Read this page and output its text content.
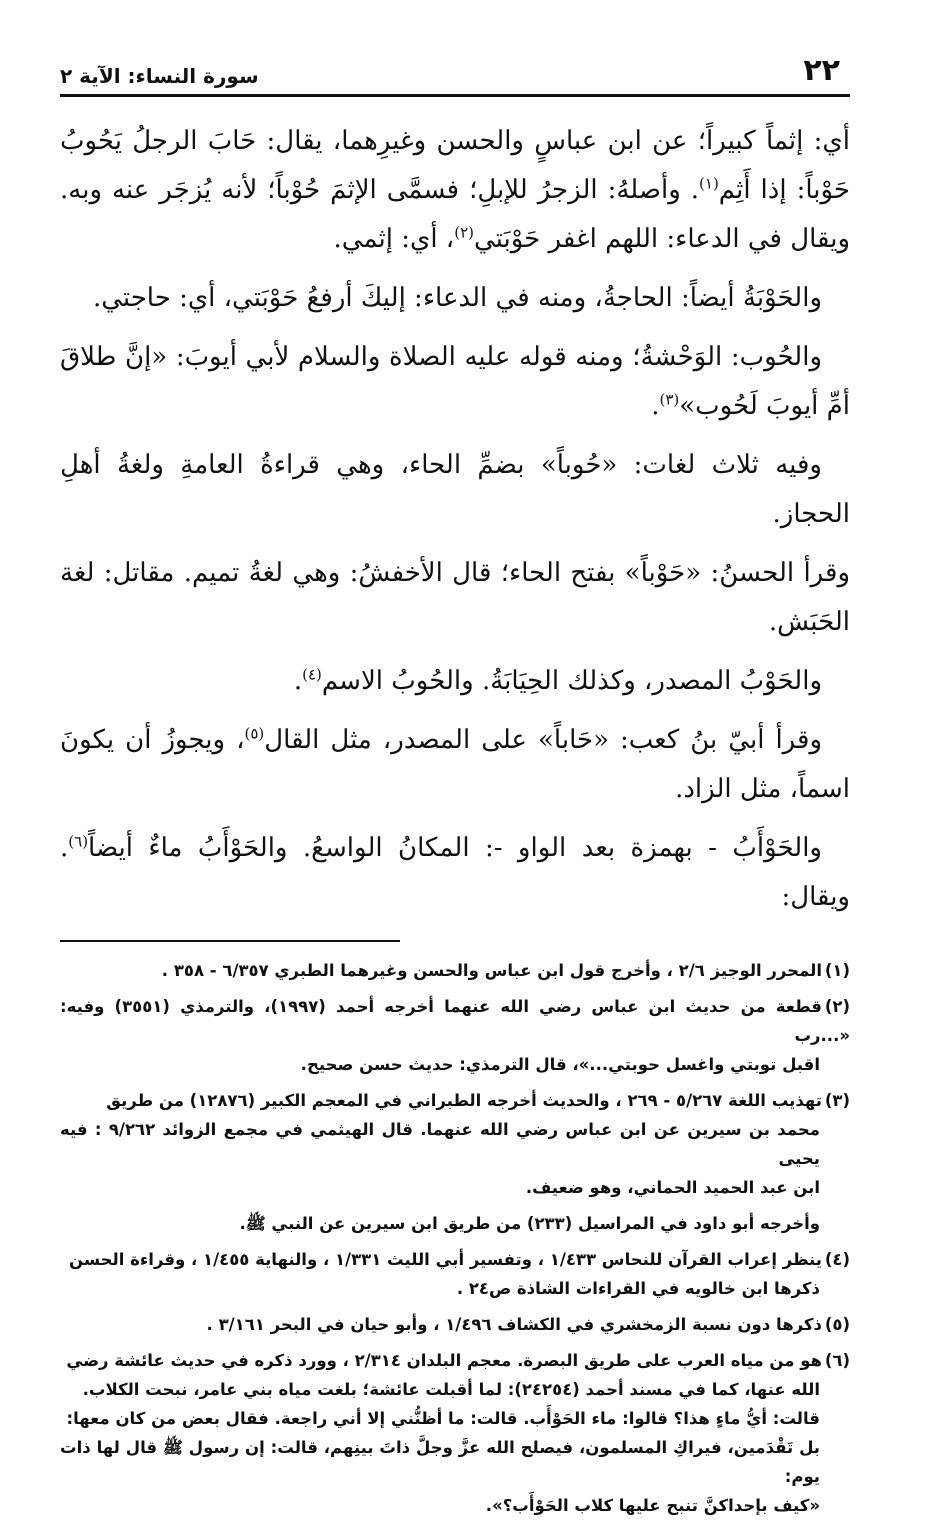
٢٢
سورة النساء: الآية ٢

أي: إثماً كبيراً؛ عن ابن عباسٍ والحسن وغيرِهما، يقال: حَابَ الرجلُ يَحُوبُ حَوْباً: إذا أَثِم$^{(١)}$. وأصلهُ: الزجرُ للإبلِ؛ فسمَّى الإثمَ حُوْباً؛ لأنه يُزجَر عنه وبه. ويقال في الدعاء: اللهم اغفر حَوْبَتي$^{(٢)}$، أي: إثمي.

والحَوْبَةُ أيضاً: الحاجةُ، ومنه في الدعاء: إليكَ أرفعُ حَوْبَتي، أي: حاجتي.

والحُوب: الوَحْشةُ؛ ومنه قوله عليه الصلاة والسلام لأبي أيوبَ: «إنَّ طلاقَ أمِّ أيوبَ لَحُوب»$^{(٣)}$.

وفيه ثلاث لغات: «حُوباً» بضمِّ الحاء، وهي قراءةُ العامةِ ولغةُ أهلِ الحجاز.

وقرأ الحسنُ: «حَوْباً» بفتح الحاء؛ قال الأخفشُ: وهي لغةُ تميم. مقاتل: لغة الحَبَش.

والحَوْبُ المصدر، وكذلك الحِيَابَةُ. والحُوبُ الاسم$^{(٤)}$.

وقرأ أبيّ بنُ كعب: «حَاباً» على المصدر، مثل القال$^{(٥)}$، ويجوزُ أن يكونَ اسماً، مثل الزاد.

والحَوْأَبُ - بهمزة بعد الواو -: المكانُ الواسعُ. والحَوْأَبُ ماءٌ أيضاً$^{(٦)}$. ويقال:

(١)المحرر الوجيز ٢/٦ ، وأخرج قول ابن عباس والحسن وغيرهما الطبري ٦/٣٥٧ - ٣٥٨ .
(٢)قطعة من حديث ابن عباس رضي الله عنهما أخرجه أحمد (١٩٩٧)، والترمذي (٣٥٥١) وفيه: «...رب
اقبل توبتي واغسل حوبتي...»، قال الترمذي: حديث حسن صحيح.
(٣)تهذيب اللغة ٥/٢٦٧ - ٢٦٩ ، والحديث أخرجه الطبراني في المعجم الكبير (١٢٨٧٦) من طريق
محمد بن سيرين عن ابن عباس رضي الله عنهما. قال الهيثمي في مجمع الزوائد ٩/٢٦٢ : فيه يحيى
ابن عبد الحميد الحماني، وهو ضعيف.
وأخرجه أبو داود في المراسيل (٢٣٣) من طريق ابن سيرين عن النبي ﷺ.
(٤)ينظر إعراب القرآن للنحاس ١/٤٣٣ ، وتفسير أبي الليث ١/٣٣١ ، والنهاية ١/٤٥٥ ، وقراءة الحسن
ذكرها ابن خالويه في القراءات الشاذة ص٢٤ .
(٥)ذكرها دون نسبة الزمخشري في الكشاف ١/٤٩٦ ، وأبو حيان في البحر ٣/١٦١ .
(٦)هو من مياه العرب على طريق البصرة. معجم البلدان ٢/٣١٤ ، وورد ذكره في حديث عائشة رضي
الله عنها، كما في مسند أحمد (٢٤٢٥٤): لما أقبلت عائشة؛ بلغت مياه بني عامر، نبحت الكلاب.
قالت: أيُّ ماءٍ هذا؟ قالوا: ماء الحَوْأَب. قالت: ما أظنُّني إلا أني راجعة. فقال بعض من كان معها:
بل تَقْدَمين، فيراكِ المسلمون، فيصلح الله عزَّ وجلَّ ذاتَ بينِهم، قالت: إن رسول ﷺ قال لها ذات يوم:
«كيف بإحداكنَّ تنبح عليها كلاب الحَوْأَب؟».
